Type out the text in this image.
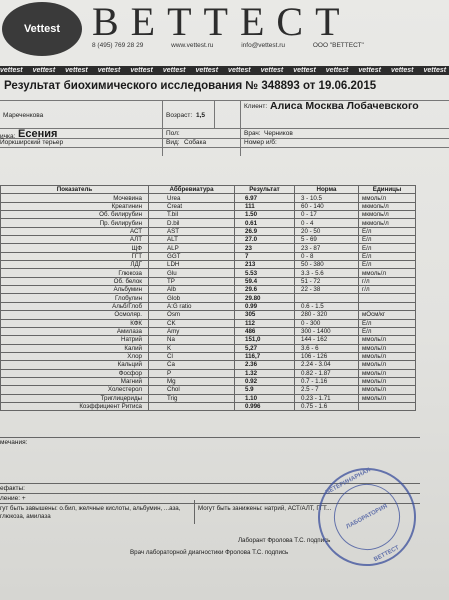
Vettest ВЕТТЕСТ
8 (495) 769 28 29	www.vettest.ru	info@vettest.ru	ООО "ВЕТТЕСТ"
vettest vettest vettest vettest vettest vettest vettest vettest vettest vettest vettest vettest vettest vettest
Результат биохимического исследования № 348893 от 19.06.2015
Мареченкова	Возраст: 1,5
Клиент: Алиса Москва Лобачевского
ичка: Есения	Пол:	Врач: Черников
Йоркширский терьер	Вид: Собака	Номер и/б:
Показатель	Аббревиатура	Результат	Норма	Единицы
Мочевина	Urea	6.97	3 - 10.5	ммоль/л
Креатинин	Creat	111	60 - 140	мкмоль/л
Об. билирубин	T.bil	1.50	0 - 17	мкмоль/л
Пр. билирубин	D.bil	0.61	0 - 4	мкмоль/л
АСТ	AST	26.9	20 - 50	Е/л
АЛТ	ALT	27.0	5 - 69	Е/л
ЩФ	ALP	23	23 - 87	Е/л
ГГТ	GGT	7	0 - 8	Е/л
ЛДГ	LDH	213	50 - 380	Е/л
Глюкоза	Glu	5.53	3.3 - 5.6	ммоль/л
Об. белок	TP	59.4	51 - 72	г/л
Альбумин	Alb	29.6	22 - 38	г/л
Глобулин	Glob	29.80		
Альб/Глоб	A:G ratio	0.99	0.6 - 1.5	
Осмоляр.	Osm	305	280 - 320	мОсм/кг
КФК	CK	112	0 - 300	Е/л
Амилаза	Amy	486	300 - 1400	Е/л
Натрий	Na	151,0	144 - 162	ммоль/л
Калий	K	5,27	3.6 - 6	ммоль/л
Хлор	Cl	116,7	106 - 126	ммоль/л
Кальций	Ca	2.36	2.24 - 3.04	ммоль/л
Фосфор	P	1.32	0.82 - 1.87	ммоль/л
Магний	Mg	0.92	0.7 - 1.16	ммоль/л
Холестерол	Chol	5.9	2.5 - 7	ммоль/л
Триглицериды	Trig	1.10	0.23 - 1.71	ммоль/л
Коэффициент Ритиса		0.996	0.75 - 1.6	
мечания:
ефакты:
ление: +
гут быть завышены: о.бил, желчные кислоты, альбумин, ...аза, глюкоза, амилаза
Могут быть занижены: натрий, АСТ/АЛТ, ГГТ...
Лаборант Фролова Т.С. подпись
Врач лабораторной диагностики Фролова Т.С. подпись
ВЕТЕРИНАРНАЯ
ЛАБОРАТОРИЯ
ВЕТТЕСТ
